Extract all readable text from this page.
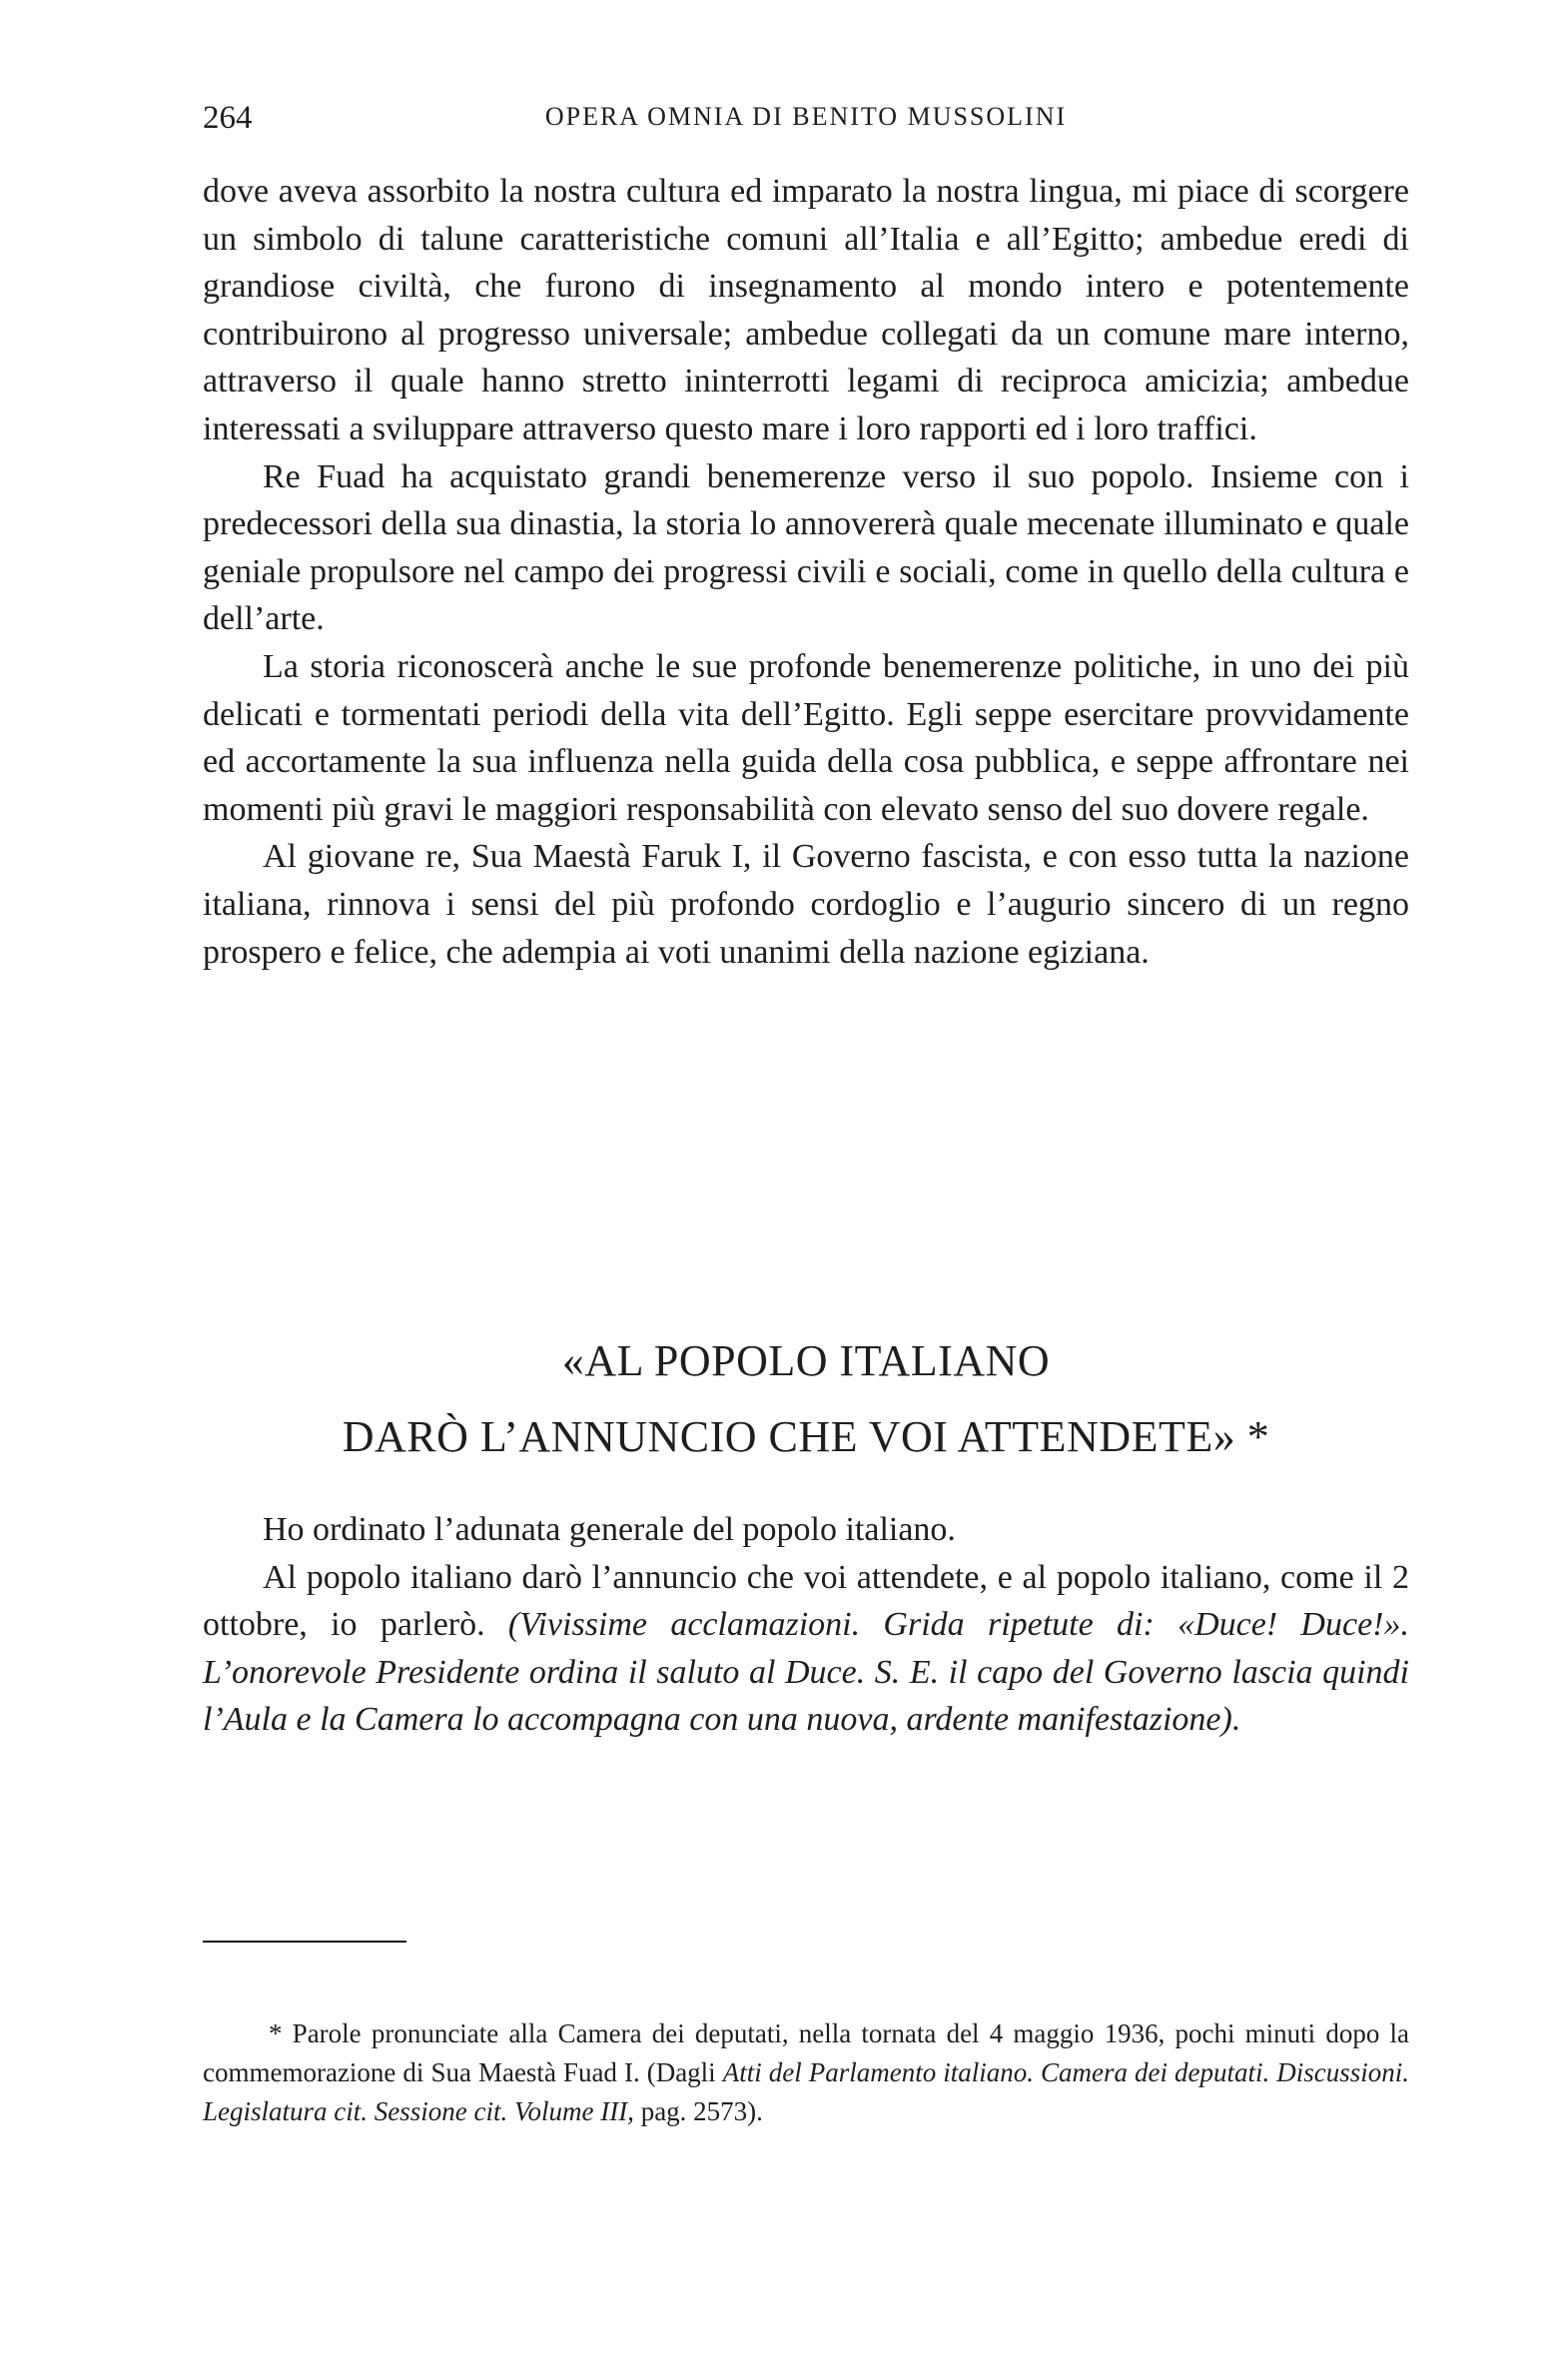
264	OPERA OMNIA DI BENITO MUSSOLINI

dove aveva assorbito la nostra cultura ed imparato la nostra lingua, mi piace di scorgere un simbolo di talune caratteristiche comuni all’Italia e all’Egitto; ambedue eredi di grandiose civiltà, che furono di insegnamento al mondo intero e potentemente contribuirono al progresso universale; ambedue collegati da un comune mare interno, attraverso il quale hanno stretto ininterrotti legami di reciproca amicizia; ambedue interessati a sviluppare attraverso questo mare i loro rapporti ed i loro traffici.

Re Fuad ha acquistato grandi benemerenze verso il suo popolo. Insieme con i predecessori della sua dinastia, la storia lo annovererà quale mecenate illuminato e quale geniale propulsore nel campo dei progressi civili e sociali, come in quello della cultura e dell’arte.

La storia riconoscerà anche le sue profonde benemerenze politiche, in uno dei più delicati e tormentati periodi della vita dell’Egitto. Egli seppe esercitare provvidamente ed accortamente la sua influenza nella guida della cosa pubblica, e seppe affrontare nei momenti più gravi le maggiori responsabilità con elevato senso del suo dovere regale.

Al giovane re, Sua Maestà Faruk I, il Governo fascista, e con esso tutta la nazione italiana, rinnova i sensi del più profondo cordoglio e l’augurio sincero di un regno prospero e felice, che adempia ai voti unanimi della nazione egiziana.

«AL POPOLO ITALIANO
DARÒ L’ANNUNCIO CHE VOI ATTENDETE» *

Ho ordinato l’adunata generale del popolo italiano.

Al popolo italiano darò l’annuncio che voi attendete, e al popolo italiano, come il 2 ottobre, io parlerò. (Vivissime acclamazioni. Grida ripetute di: «Duce! Duce!». L’onorevole Presidente ordina il saluto al Duce. S. E. il capo del Governo lascia quindi l’Aula e la Camera lo accompagna con una nuova, ardente manifestazione).

* Parole pronunciate alla Camera dei deputati, nella tornata del 4 maggio 1936, pochi minuti dopo la commemorazione di Sua Maestà Fuad I. (Dagli Atti del Parlamento italiano. Camera dei deputati. Discussioni. Legislatura cit. Sessione cit. Volume III, pag. 2573).
